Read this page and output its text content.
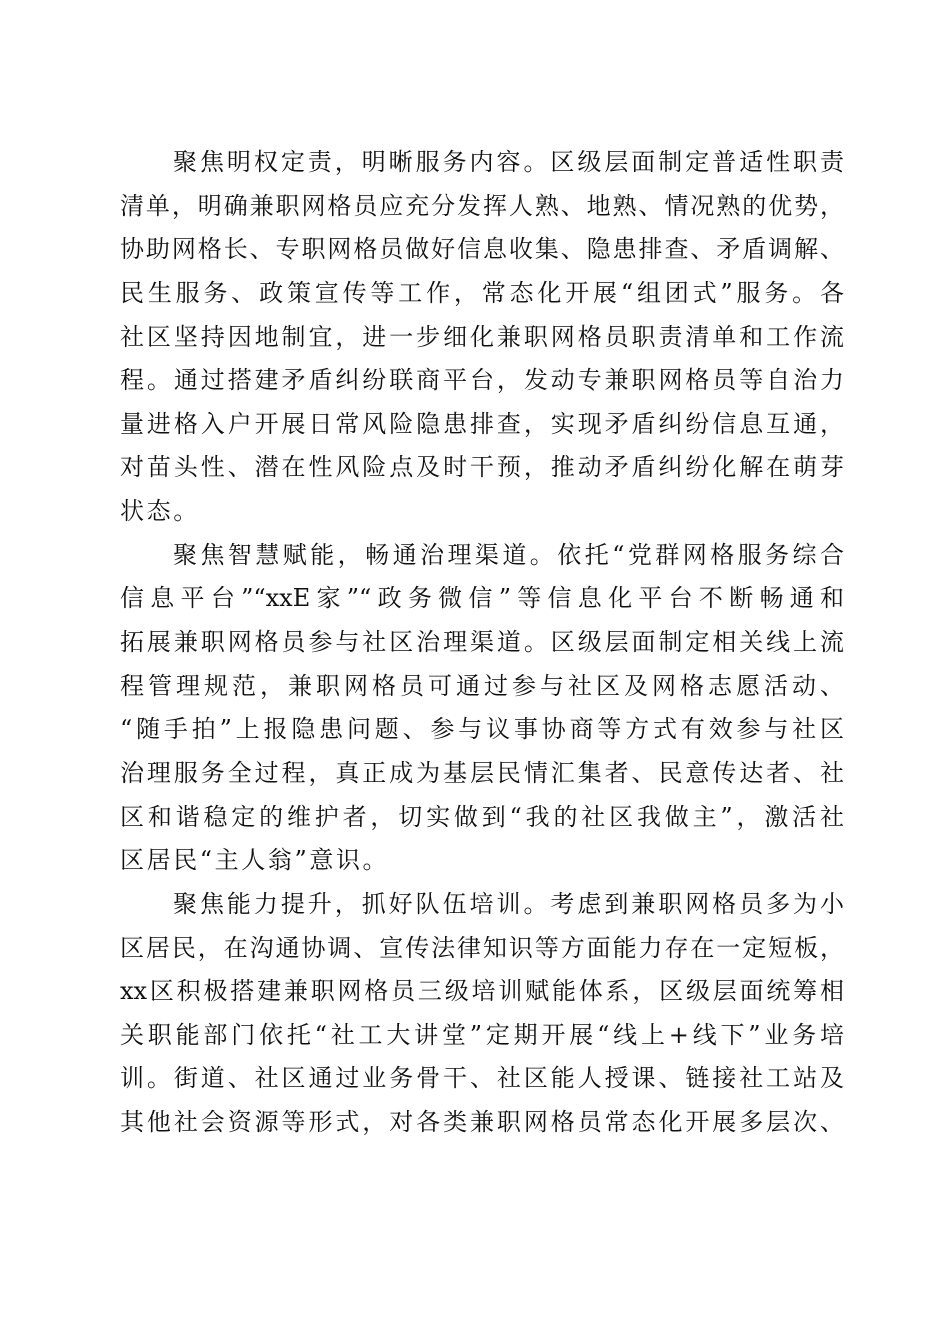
聚焦明权定责，明晰服务内容。区级层面制定普适性职责
清单，明确兼职网格员应充分发挥人熟、地熟、情况熟的优势，
协助网格长、专职网格员做好信息收集、隐患排查、矛盾调解、
民生服务、政策宣传等工作，常态化开展“组团式”服务。各
社区坚持因地制宜，进一步细化兼职网格员职责清单和工作流
程。通过搭建矛盾纠纷联商平台，发动专兼职网格员等自治力
量进格入户开展日常风险隐患排查，实现矛盾纠纷信息互通，
对苗头性、潜在性风险点及时干预，推动矛盾纠纷化解在萌芽
状态。
聚焦智慧赋能，畅通治理渠道。依托“党群网格服务综合
信息平台”“xxE家”“政务微信”等信息化平台不断畅通和
拓展兼职网格员参与社区治理渠道。区级层面制定相关线上流
程管理规范，兼职网格员可通过参与社区及网格志愿活动、
“随手拍”上报隐患问题、参与议事协商等方式有效参与社区
治理服务全过程，真正成为基层民情汇集者、民意传达者、社
区和谐稳定的维护者，切实做到“我的社区我做主”，激活社
区居民“主人翁”意识。
聚焦能力提升，抓好队伍培训。考虑到兼职网格员多为小
区居民，在沟通协调、宣传法律知识等方面能力存在一定短板，
xx区积极搭建兼职网格员三级培训赋能体系，区级层面统筹相
关职能部门依托“社工大讲堂”定期开展“线上+线下”业务培
训。街道、社区通过业务骨干、社区能人授课、链接社工站及
其他社会资源等形式，对各类兼职网格员常态化开展多层次、
